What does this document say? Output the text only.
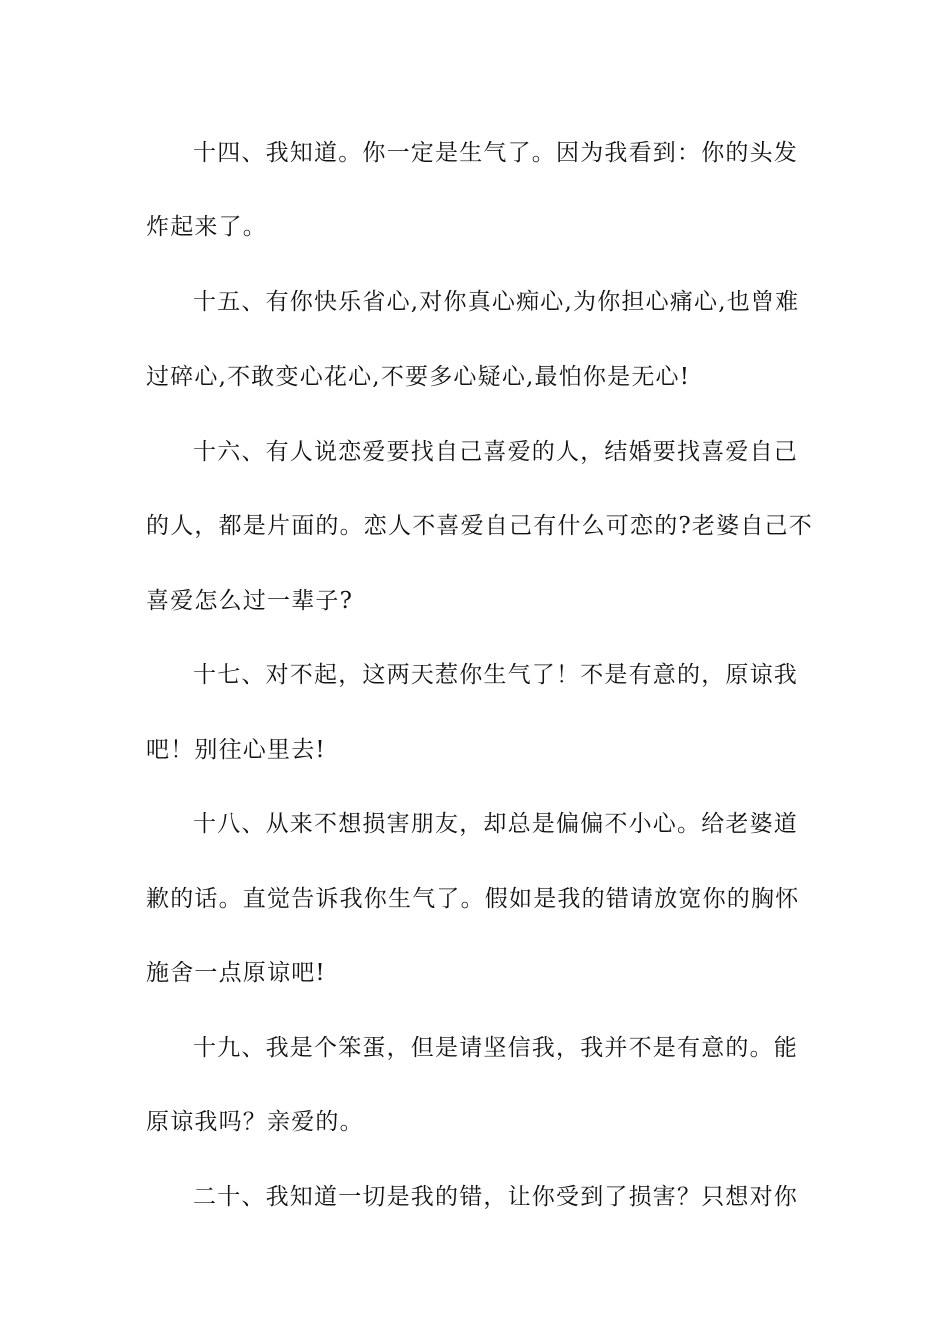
十四、我知道。你一定是生气了。因为我看到：你的头发
炸起来了。
十五、有你快乐省心,对你真心痴心,为你担心痛心,也曾难
过碎心,不敢变心花心,不要多心疑心,最怕你是无心!
十六、有人说恋爱要找自己喜爱的人，结婚要找喜爱自己
的人，都是片面的。恋人不喜爱自己有什么可恋的?老婆自己不
喜爱怎么过一辈子?
十七、对不起，这两天惹你生气了！不是有意的，原谅我
吧！别往心里去!
十八、从来不想损害朋友，却总是偏偏不小心。给老婆道
歉的话。直觉告诉我你生气了。假如是我的错请放宽你的胸怀
施舍一点原谅吧!
十九、我是个笨蛋，但是请坚信我，我并不是有意的。能
原谅我吗？亲爱的。
二十、我知道一切是我的错，让你受到了损害？只想对你
